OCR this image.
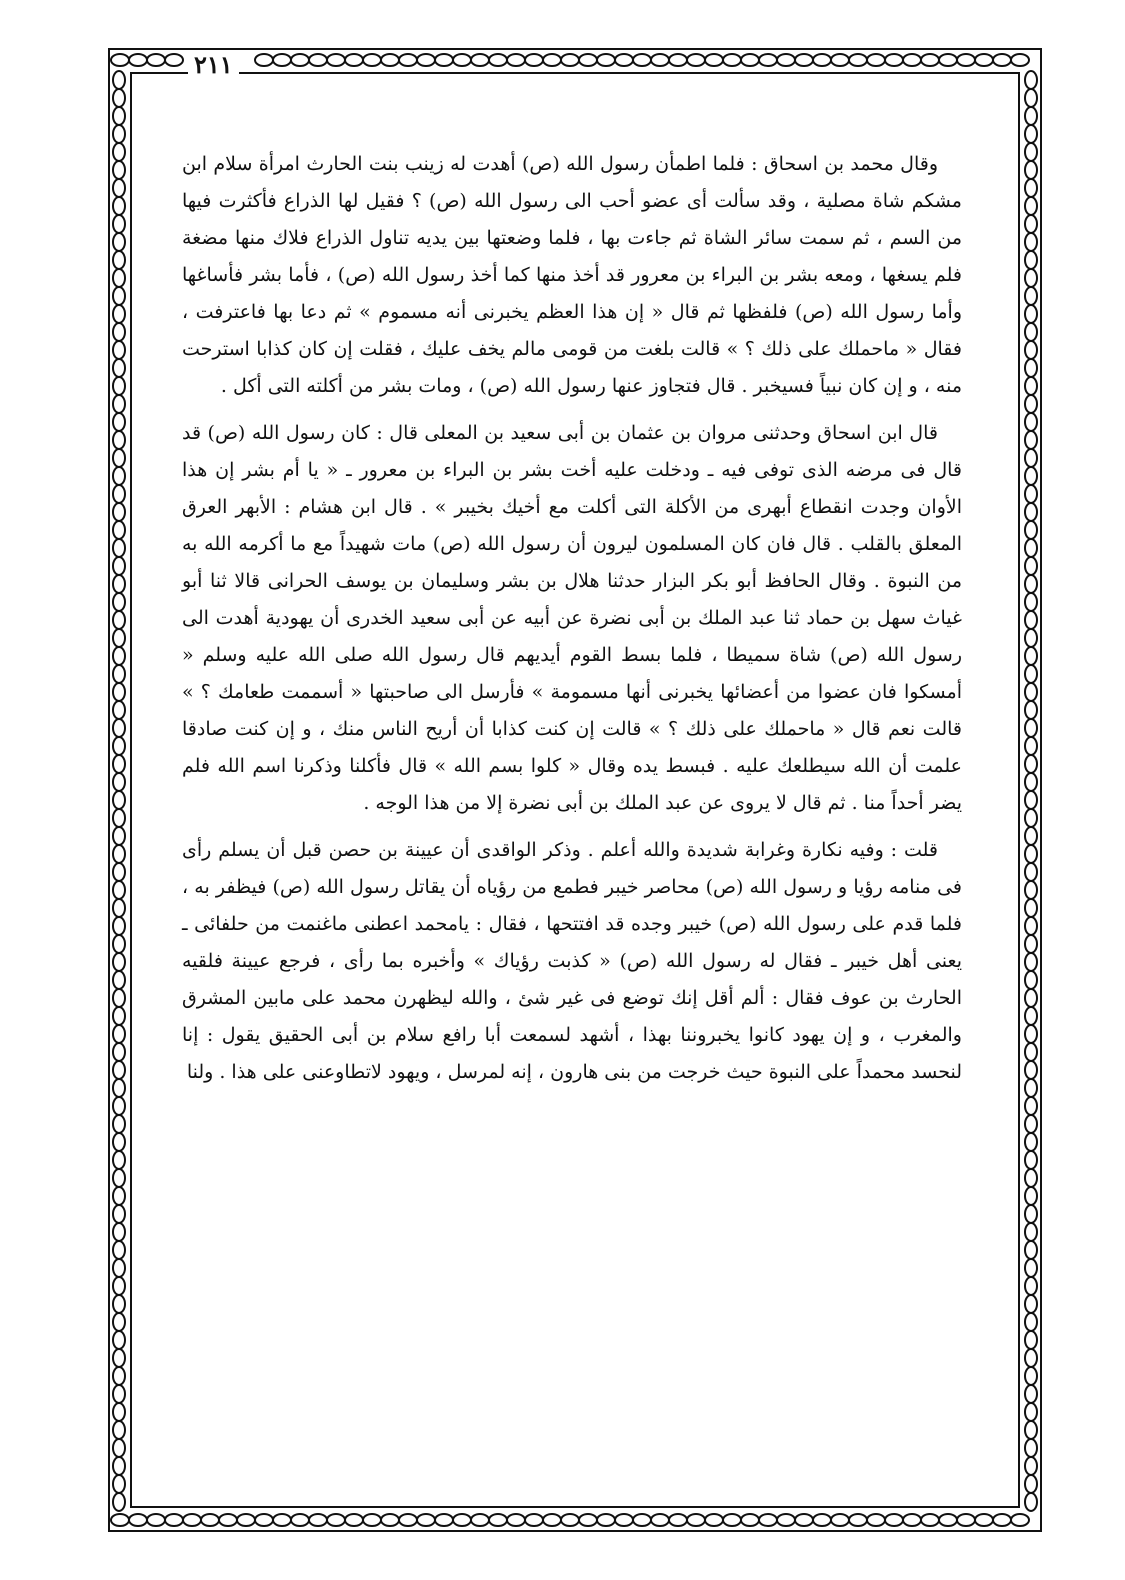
٢١١

وقال محمد بن اسحاق : فلما اطمأن رسول الله (ص) أهدت له زينب بنت الحارث امرأة سلام ابن مشكم شاة مصلية ، وقد سألت أى عضو أحب الى رسول الله (ص) ؟ فقيل لها الذراع فأكثرت فيها من السم ، ثم سمت سائر الشاة ثم جاءت بها ، فلما وضعتها بين يديه تناول الذراع فلاك منها مضغة فلم يسغها ، ومعه بشر بن البراء بن معرور قد أخذ منها كما أخذ رسول الله (ص) ، فأما بشر فأساغها وأما رسول الله (ص) فلفظها ثم قال « إن هذا العظم يخبرنى أنه مسموم » ثم دعا بها فاعترفت ، فقال « ماحملك على ذلك ؟ » قالت بلغت من قومى مالم يخف عليك ، فقلت إن كان كذابا استرحت منه ، و إن كان نبياً فسيخبر . قال فتجاوز عنها رسول الله (ص) ، ومات بشر من أكلته التى أكل .

قال ابن اسحاق وحدثنى مروان بن عثمان بن أبى سعيد بن المعلى قال : كان رسول الله (ص) قد قال فى مرضه الذى توفى فيه ـ ودخلت عليه أخت بشر بن البراء بن معرور ـ « يا أم بشر إن هذا الأوان وجدت انقطاع أبهرى من الأكلة التى أكلت مع أخيك بخيبر » . قال ابن هشام : الأبهر العرق المعلق بالقلب . قال فان كان المسلمون ليرون أن رسول الله (ص) مات شهيداً مع ما أكرمه الله به من النبوة . وقال الحافظ أبو بكر البزار حدثنا هلال بن بشر وسليمان بن يوسف الحرانى قالا ثنا أبو غياث سهل بن حماد ثنا عبد الملك بن أبى نضرة عن أبيه عن أبى سعيد الخدرى أن يهودية أهدت الى رسول الله (ص) شاة سميطا ، فلما بسط القوم أيديهم قال رسول الله صلى الله عليه وسلم « أمسكوا فان عضوا من أعضائها يخبرنى أنها مسمومة » فأرسل الى صاحبتها « أسممت طعامك ؟ » قالت نعم قال « ماحملك على ذلك ؟ » قالت إن كنت كذابا أن أريح الناس منك ، و إن كنت صادقا علمت أن الله سيطلعك عليه . فبسط يده وقال « كلوا بسم الله » قال فأكلنا وذكرنا اسم الله فلم يضر أحداً منا . ثم قال لا يروى عن عبد الملك بن أبى نضرة إلا من هذا الوجه .

قلت : وفيه نكارة وغرابة شديدة والله أعلم . وذكر الواقدى أن عيينة بن حصن قبل أن يسلم رأى فى منامه رؤيا و رسول الله (ص) محاصر خيبر فطمع من رؤياه أن يقاتل رسول الله (ص) فيظفر به ، فلما قدم على رسول الله (ص) خيبر وجده قد افتتحها ، فقال : يامحمد اعطنى ماغنمت من حلفائى ـ يعنى أهل خيبر ـ فقال له رسول الله (ص) « كذبت رؤياك » وأخبره بما رأى ، فرجع عيينة فلقيه الحارث بن عوف فقال : ألم أقل إنك توضع فى غير شئ ، والله ليظهرن محمد على مابين المشرق والمغرب ، و إن يهود كانوا يخبروننا بهذا ، أشهد لسمعت أبا رافع سلام بن أبى الحقيق يقول : إنا لنحسد محمداً على النبوة حيث خرجت من بنى هارون ، إنه لمرسل ، ويهود لاتطاوعنى على هذا . ولنا
